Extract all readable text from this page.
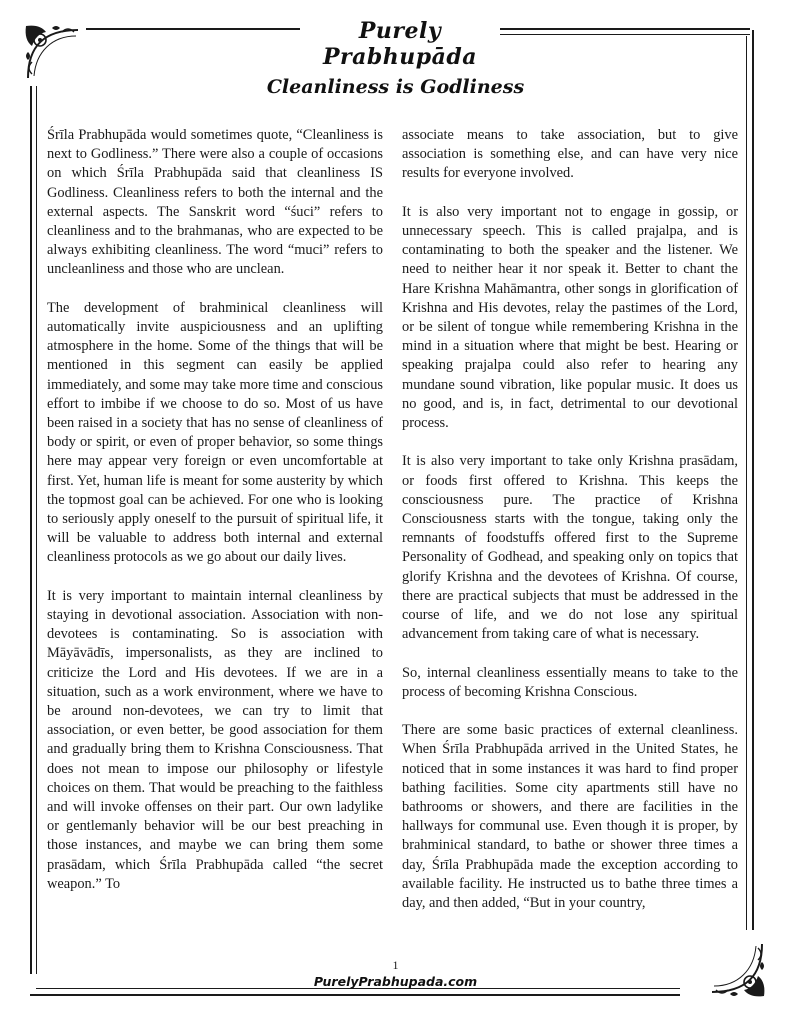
Purely Prabhupāda
Cleanliness is Godliness

Śrīla Prabhupāda would sometimes quote, “Cleanliness is next to Godliness.” There were also a couple of occasions on which Śrīla Prabhupāda said that cleanliness IS Godliness. Cleanliness refers to both the internal and the external aspects. The Sanskrit word “śuci” refers to cleanliness and to the brahmanas, who are expected to be always exhibiting cleanliness. The word “muci” refers to uncleanliness and those who are unclean.

The development of brahminical cleanliness will automatically invite auspiciousness and an uplifting atmosphere in the home. Some of the things that will be mentioned in this segment can easily be applied immediately, and some may take more time and conscious effort to imbibe if we choose to do so. Most of us have been raised in a society that has no sense of cleanliness of body or spirit, or even of proper behavior, so some things here may appear very foreign or even uncomfortable at first. Yet, human life is meant for some austerity by which the topmost goal can be achieved. For one who is looking to seriously apply oneself to the pursuit of spiritual life, it will be valuable to address both internal and external cleanliness protocols as we go about our daily lives.

It is very important to maintain internal cleanliness by staying in devotional association. Association with non-devotees is contaminating. So is association with Māyāvādīs, impersonalists, as they are inclined to criticize the Lord and His devotees. If we are in a situation, such as a work environment, where we have to be around non-devotees, we can try to limit that association, or even better, be good association for them and gradually bring them to Krishna Consciousness. That does not mean to impose our philosophy or lifestyle choices on them. That would be preaching to the faithless and will invoke offenses on their part. Our own ladylike or gentlemanly behavior will be our best preaching in those instances, and maybe we can bring them some prasādam, which Śrīla Prabhupāda called “the secret weapon.” To

associate means to take association, but to give association is something else, and can have very nice results for everyone involved.

It is also very important not to engage in gossip, or unnecessary speech. This is called prajalpa, and is contaminating to both the speaker and the listener. We need to neither hear it nor speak it. Better to chant the Hare Krishna Mahāmantra, other songs in glorification of Krishna and His devotes, relay the pastimes of the Lord, or be silent of tongue while remembering Krishna in the mind in a situation where that might be best. Hearing or speaking prajalpa could also refer to hearing any mundane sound vibration, like popular music. It does us no good, and is, in fact, detrimental to our devotional process.

It is also very important to take only Krishna prasādam, or foods first offered to Krishna. This keeps the consciousness pure. The practice of Krishna Consciousness starts with the tongue, taking only the remnants of foodstuffs offered first to the Supreme Personality of Godhead, and speaking only on topics that glorify Krishna and the devotees of Krishna. Of course, there are practical subjects that must be addressed in the course of life, and we do not lose any spiritual advancement from taking care of what is necessary.

So, internal cleanliness essentially means to take to the process of becoming Krishna Conscious.

There are some basic practices of external cleanliness. When Śrīla Prabhupāda arrived in the United States, he noticed that in some instances it was hard to find proper bathing facilities. Some city apartments still have no bathrooms or showers, and there are facilities in the hallways for communal use. Even though it is proper, by brahminical standard, to bathe or shower three times a day, Śrīla Prabhupāda made the exception according to available facility. He instructed us to bathe three times a day, and then added, “But in your country,

1
PurelyPrabhupada.com
